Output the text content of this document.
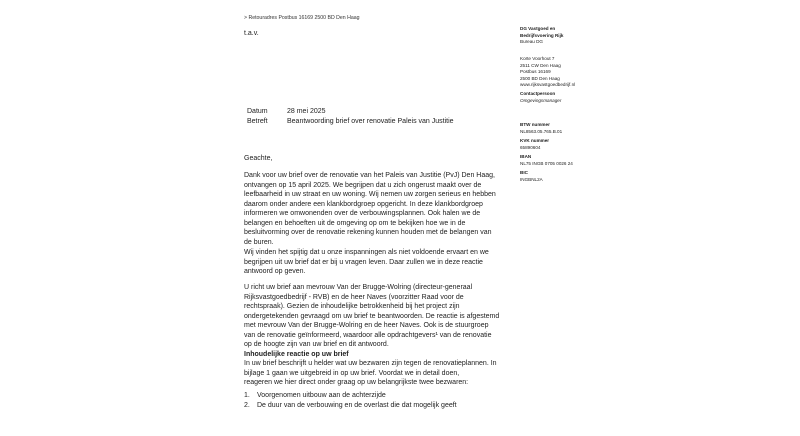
> Retouradres Postbus 16169 2500 BD Den Haag
t.a.v.
Datum	28 mei 2025
Betreft	Beantwoording brief over renovatie Paleis van Justitie
DG Vastgoed en
Bedrijfsvoering Rijk
Bureau DG
Korte Voorhout 7
2511 CW Den Haag
Postbus 16169
2500 BD Den Haag
www.rijksvastgoedbedrijf.nl
Contactpersoon
Omgevingsmanager
BTW nummer
NL8563.05.765.B.01
KVK nummer
65890604
IBAN
NL75 INGB 0705 0026 24
BIC
INGBNL2A
Geachte,
Dank voor uw brief over de renovatie van het Paleis van Justitie (PvJ) Den Haag,
ontvangen op 15 april 2025. We begrijpen dat u zich ongerust maakt over de
leefbaarheid in uw straat en uw woning. Wij nemen uw zorgen serieus en hebben
daarom onder andere een klankbordgroep opgericht. In deze klankbordgroep
informeren we omwonenden over de verbouwingsplannen. Ook halen we de
belangen en behoeften uit de omgeving op om te bekijken hoe we in de
besluitvorming over de renovatie rekening kunnen houden met de belangen van
de buren.
Wij vinden het spijtig dat u onze inspanningen als niet voldoende ervaart en we
begrijpen uit uw brief dat er bij u vragen leven. Daar zullen we in deze reactie
antwoord op geven.
U richt uw brief aan mevrouw Van der Brugge-Wolring (directeur-generaal
Rijksvastgoedbedrijf - RVB) en de heer Naves (voorzitter Raad voor de
rechtspraak). Gezien de inhoudelijke betrokkenheid bij het project zijn
ondergetekenden gevraagd om uw brief te beantwoorden. De reactie is afgestemd
met mevrouw Van der Brugge-Wolring en de heer Naves. Ook is de stuurgroep
van de renovatie geïnformeerd, waardoor alle opdrachtgevers¹ van de renovatie
op de hoogte zijn van uw brief en dit antwoord.
Inhoudelijke reactie op uw brief
In uw brief beschrijft u helder wat uw bezwaren zijn tegen de renovatieplannen. In
bijlage 1 gaan we uitgebreid in op uw brief. Voordat we in detail doen,
reageren we hier direct onder graag op uw belangrijkste twee bezwaren:
1.	Voorgenomen uitbouw aan de achterzijde
2.	De duur van de verbouwing en de overlast die dat mogelijk geeft
